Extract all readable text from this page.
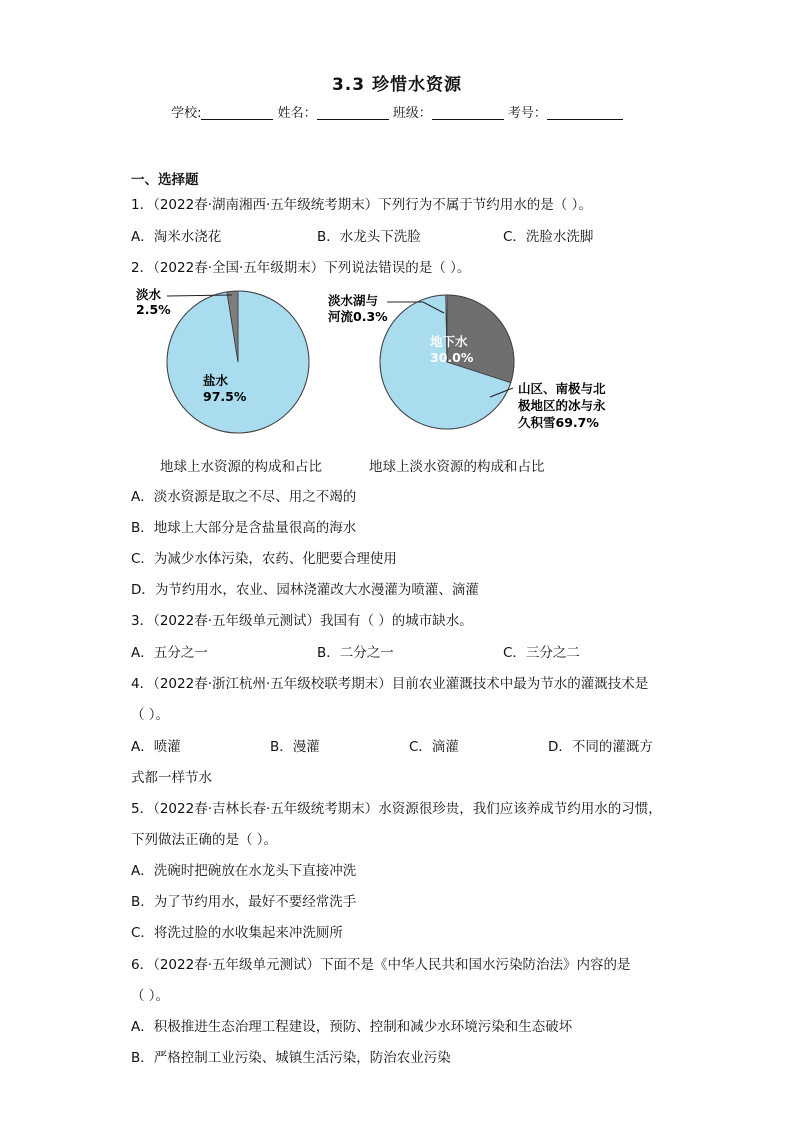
3.3 珍惜水资源
学校:	姓名：	班级：	考号：
一、选择题
1．（2022春·湖南湘西·五年级统考期末）下列行为不属于节约用水的是（ ）。
A．淘米水浇花	B．水龙头下洗脸	C．洗脸水洗脚
2．（2022春·全国·五年级期末）下列说法错误的是（ ）。
淡水
2.5%
盐水
97.5%
淡水湖与
河流0.3%
地下水
30.0%
山区、南极与北
极地区的冰与永
久积雪69.7%
地球上水资源的构成和占比	地球上淡水资源的构成和占比
A．淡水资源是取之不尽、用之不竭的
B．地球上大部分是含盐量很高的海水
C．为减少水体污染，农药、化肥要合理使用
D．为节约用水，农业、园林浇灌改大水漫灌为喷灌、滴灌
3．（2022春·五年级单元测试）我国有（ ）的城市缺水。
A．五分之一	B．二分之一	C．三分之二
4．（2022春·浙江杭州·五年级校联考期末）目前农业灌溉技术中最为节水的灌溉技术是
（ ）。
A．喷灌	B．漫灌	C．滴灌	D．不同的灌溉方
式都一样节水
5．（2022春·吉林长春·五年级统考期末）水资源很珍贵，我们应该养成节约用水的习惯，
下列做法正确的是（ ）。
A．洗碗时把碗放在水龙头下直接冲洗
B．为了节约用水，最好不要经常洗手
C．将洗过脸的水收集起来冲洗厕所
6．（2022春·五年级单元测试）下面不是《中华人民共和国水污染防治法》内容的是
（ ）。
A．积极推进生态治理工程建设，预防、控制和减少水环境污染和生态破坏
B．严格控制工业污染、城镇生活污染，防治农业污染
